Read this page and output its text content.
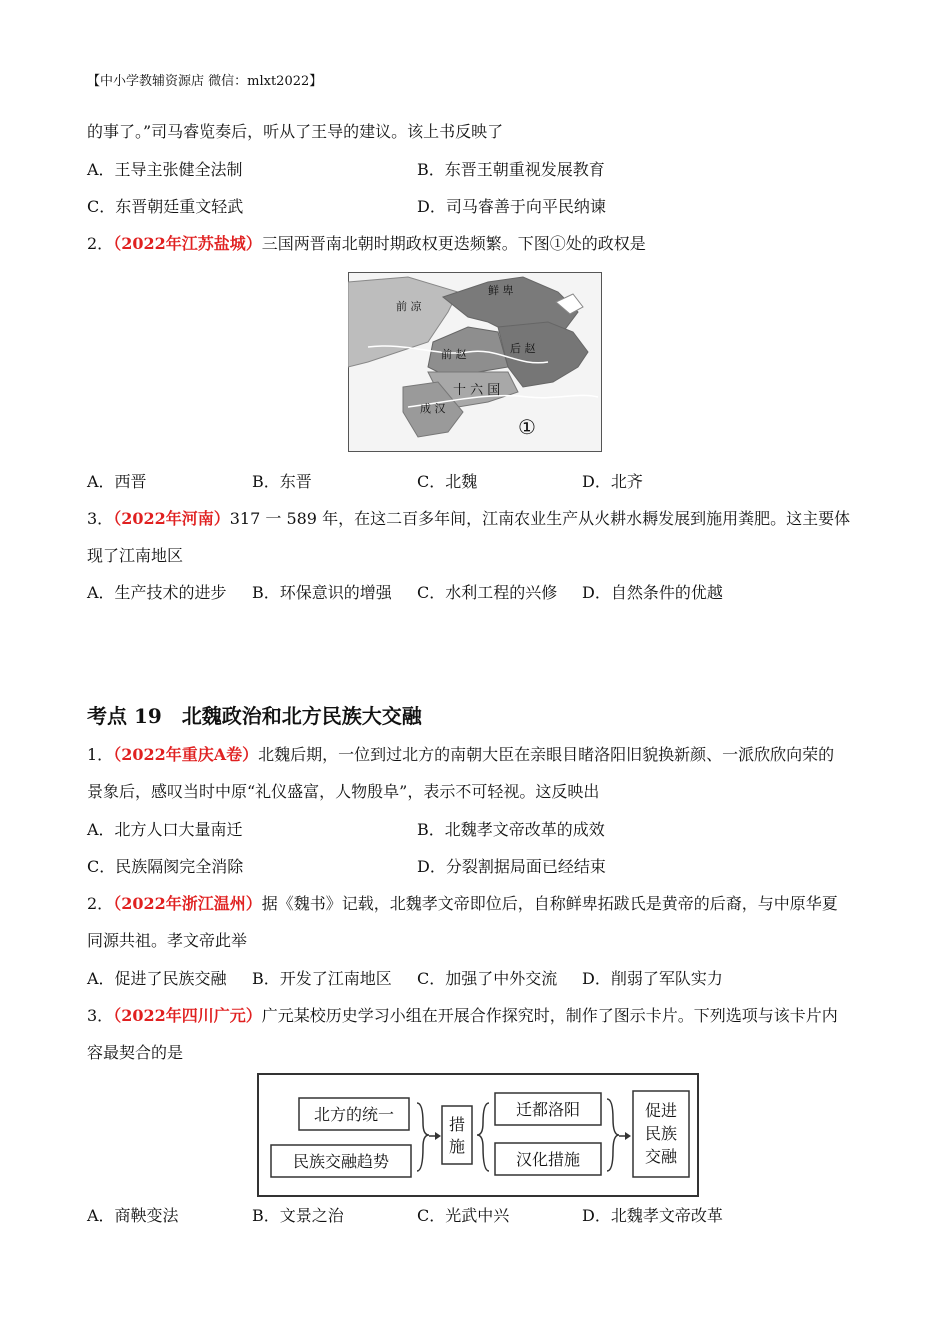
【中小学教辅资源店 微信：mlxt2022】
的事了。”司马睿览奏后，听从了王导的建议。该上书反映了
A．王导主张健全法制	B．东晋王朝重视发展教育
C．东晋朝廷重文轻武	D．司马睿善于向平民纳谏
2．（2022年江苏盐城）三国两晋南北朝时期政权更迭频繁。下图①处的政权是
鲜 卑
前 凉
前 赵	后 赵
十 六 国
成 汉
①
A．西晋	B．东晋	C．北魏	D．北齐
3．（2022年河南）317 一 589 年，在这二百多年间，江南农业生产从火耕水耨发展到施用粪肥。这主要体
现了江南地区
A．生产技术的进步 B．环保意识的增强 C．水利工程的兴修 D．自然条件的优越
考点 19　北魏政治和北方民族大交融
1．（2022年重庆A卷）北魏后期，一位到过北方的南朝大臣在亲眼目睹洛阳旧貌换新颜、一派欣欣向荣的
景象后，感叹当时中原“礼仪盛富，人物殷阜”，表示不可轻视。这反映出
A．北方人口大量南迁	B．北魏孝文帝改革的成效
C．民族隔阂完全消除	D．分裂割据局面已经结束
2．（2022年浙江温州）据《魏书》记载，北魏孝文帝即位后，自称鲜卑拓跋氏是黄帝的后裔，与中原华夏
同源共祖。孝文帝此举
A．促进了民族交融 B．开发了江南地区 C．加强了中外交流 D．削弱了军队实力
3．（2022年四川广元）广元某校历史学习小组在开展合作探究时，制作了图示卡片。下列选项与该卡片内
容最契合的是
北方的统一
民族交融趋势
措
施
迁都洛阳
汉化措施
促进
民族
交融
A．商鞅变法	B．文景之治	C．光武中兴	D．北魏孝文帝改革
